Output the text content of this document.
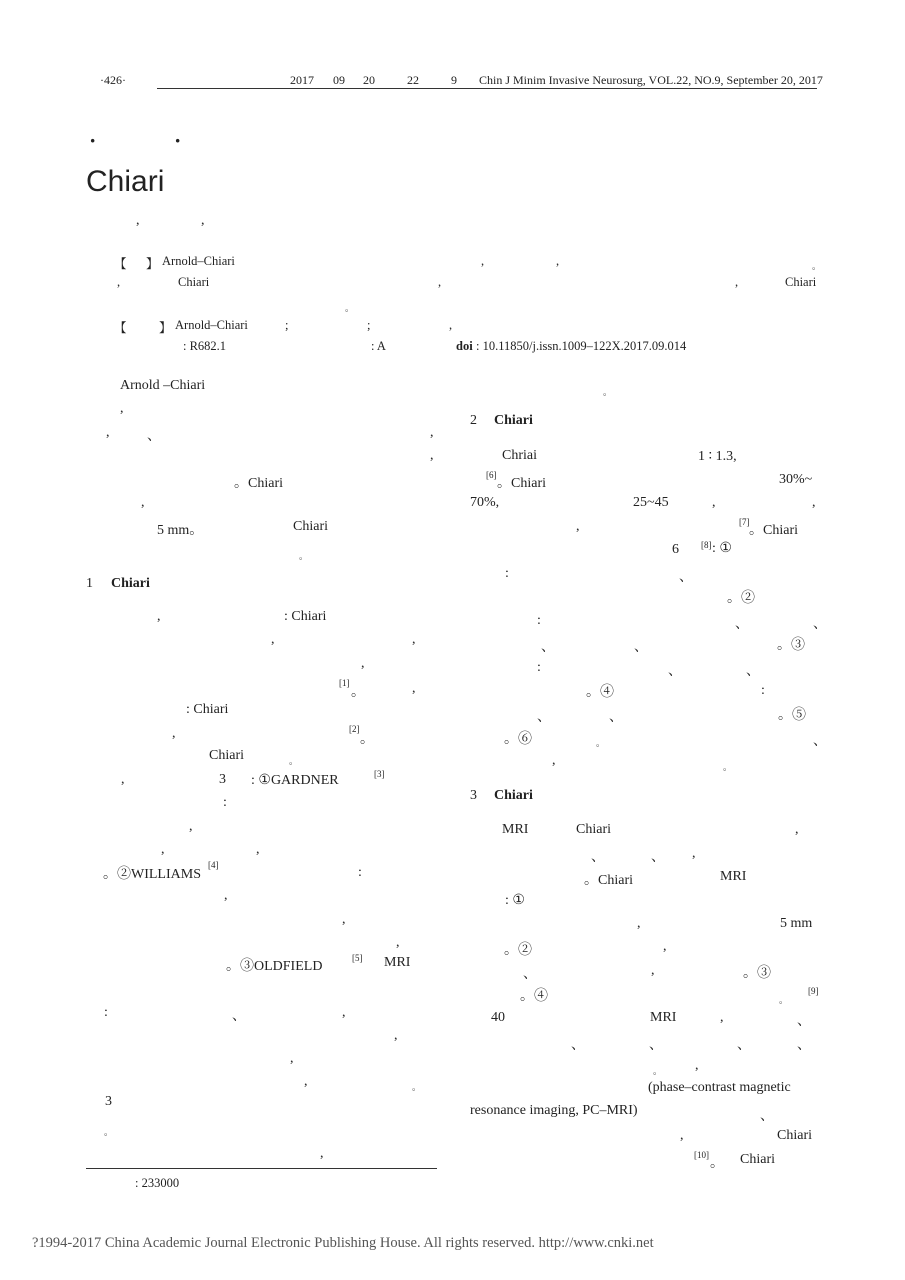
·426·	2017 09 20	22	9 Chin J Minim Invasive Neurosurg, VOL.22, NO.9, September 20, 2017
·	·
Chiari
,	,
【 】 Arnold–Chiari	,	,	。
,	Chiari	,	,	Chiari
。
【	】 Arnold–Chiari	;	;	,
: R682.1	: A	doi : 10.11850/j.issn.1009–122X.2017.09.014
Arnold –Chiari
,
,	、	,
,
。Chiari
,
5 mm。	Chiari
。
1 Chiari
,	: Chiari
,	,
,
[1]
。	,
: Chiari
,	[2]
。
Chiari	。
,	3 : ①GARDNER	[3]
:
,
,	,
。②WILLIAMS
[4]	:
,
,
,
。③OLDFIELD
[5] MRI
:	、	,
,
,
,	。
3
。
,
: 233000
。
2 Chiari
Chriai	1 ∶ 1.3,
[6]
。Chiari	30%~
70%,	25~45	,	,
,	[7]
。Chiari
6 [8] : ①
:	、
。②
:	、	、
、	、	。③
:	、	、
。④	:
、	、	。⑤
。⑥	。	、
,	。
3 Chiari
MRI	Chiari	,
、	、 ,
。Chiari	MRI
: ①
,	5 mm
。②	,
、	,	。③
。④	。
[9]
40	MRI	,	、
、	、	、	、
。 ,
(phase–contrast magnetic
resonance imaging, PC–MRI)	、
,	Chiari
[10]
。 Chiari
?1994-2017 China Academic Journal Electronic Publishing House. All rights reserved. http://www.cnki.net
